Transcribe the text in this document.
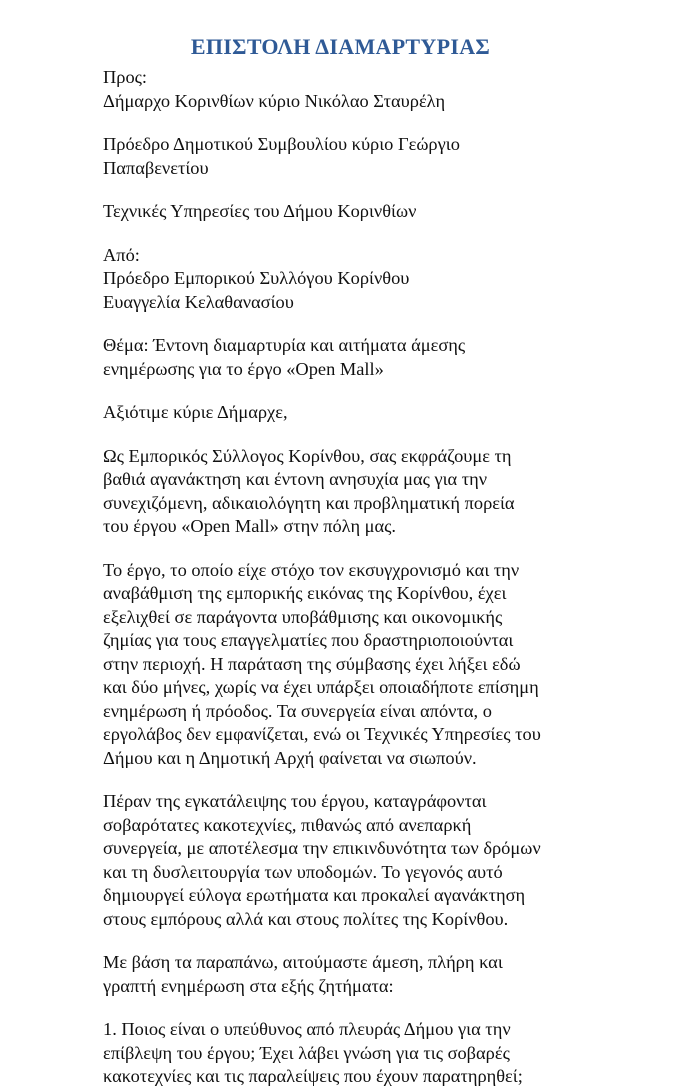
ΕΠΙΣΤΟΛΗ ΔΙΑΜΑΡΤΥΡΙΑΣ
Προς:
Δήμαρχο Κορινθίων κύριο Νικόλαο Σταυρέλη
Πρόεδρο Δημοτικού Συμβουλίου κύριο Γεώργιο
Παπαβενετίου
Τεχνικές Υπηρεσίες του Δήμου Κορινθίων
Από:
Πρόεδρο Εμπορικού Συλλόγου Κορίνθου
Ευαγγελία Κελαθανασίου
Θέμα: Έντονη διαμαρτυρία και αιτήματα άμεσης
ενημέρωσης για το έργο «Open Mall»
Αξιότιμε κύριε Δήμαρχε,
Ως Εμπορικός Σύλλογος Κορίνθου, σας εκφράζουμε τη
βαθιά αγανάκτηση και έντονη ανησυχία μας για την
συνεχιζόμενη, αδικαιολόγητη και προβληματική πορεία
του έργου «Open Mall» στην πόλη μας.
Το έργο, το οποίο είχε στόχο τον εκσυγχρονισμό και την
αναβάθμιση της εμπορικής εικόνας της Κορίνθου, έχει
εξελιχθεί σε παράγοντα υποβάθμισης και οικονομικής
ζημίας για τους επαγγελματίες που δραστηριοποιούνται
στην περιοχή. Η παράταση της σύμβασης έχει λήξει εδώ
και δύο μήνες, χωρίς να έχει υπάρξει οποιαδήποτε επίσημη
ενημέρωση ή πρόοδος. Τα συνεργεία είναι απόντα, ο
εργολάβος δεν εμφανίζεται, ενώ οι Τεχνικές Υπηρεσίες του
Δήμου και η Δημοτική Αρχή φαίνεται να σιωπούν.
Πέραν της εγκατάλειψης του έργου, καταγράφονται
σοβαρότατες κακοτεχνίες, πιθανώς από ανεπαρκή
συνεργεία, με αποτέλεσμα την επικινδυνότητα των δρόμων
και τη δυσλειτουργία των υποδομών. Το γεγονός αυτό
δημιουργεί εύλογα ερωτήματα και προκαλεί αγανάκτηση
στους εμπόρους αλλά και στους πολίτες της Κορίνθου.
Με βάση τα παραπάνω, αιτούμαστε άμεση, πλήρη και
γραπτή ενημέρωση στα εξής ζητήματα:
1. Ποιος είναι ο υπεύθυνος από πλευράς Δήμου για την
επίβλεψη του έργου; Έχει λάβει γνώση για τις σοβαρές
κακοτεχνίες και τις παραλείψεις που έχουν παρατηρηθεί;
